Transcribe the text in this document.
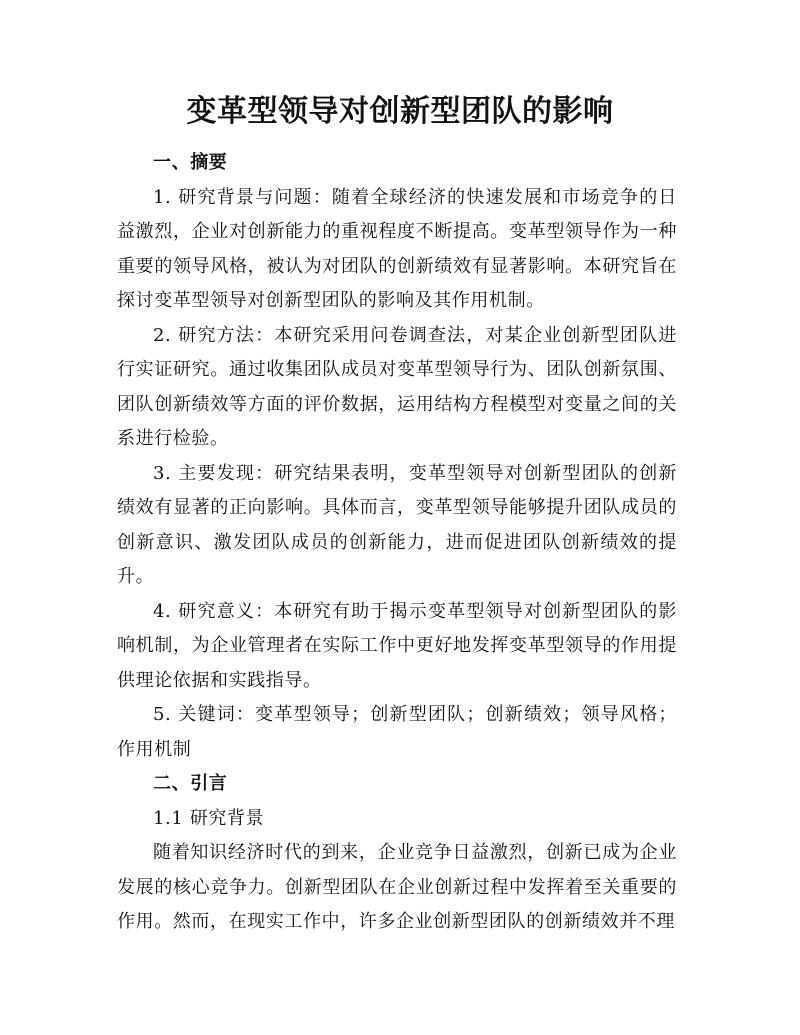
变革型领导对创新型团队的影响

一、摘要

1. 研究背景与问题：随着全球经济的快速发展和市场竞争的日益激烈，企业对创新能力的重视程度不断提高。变革型领导作为一种重要的领导风格，被认为对团队的创新绩效有显著影响。本研究旨在探讨变革型领导对创新型团队的影响及其作用机制。

2. 研究方法：本研究采用问卷调查法，对某企业创新型团队进行实证研究。通过收集团队成员对变革型领导行为、团队创新氛围、团队创新绩效等方面的评价数据，运用结构方程模型对变量之间的关系进行检验。

3. 主要发现：研究结果表明，变革型领导对创新型团队的创新绩效有显著的正向影响。具体而言，变革型领导能够提升团队成员的创新意识、激发团队成员的创新能力，进而促进团队创新绩效的提升。

4. 研究意义：本研究有助于揭示变革型领导对创新型团队的影响机制，为企业管理者在实际工作中更好地发挥变革型领导的作用提供理论依据和实践指导。

5. 关键词：变革型领导；创新型团队；创新绩效；领导风格；作用机制

二、引言

1.1 研究背景

随着知识经济时代的到来，企业竞争日益激烈，创新已成为企业发展的核心竞争力。创新型团队在企业创新过程中发挥着至关重要的作用。然而，在现实工作中，许多企业创新型团队的创新绩效并不理
